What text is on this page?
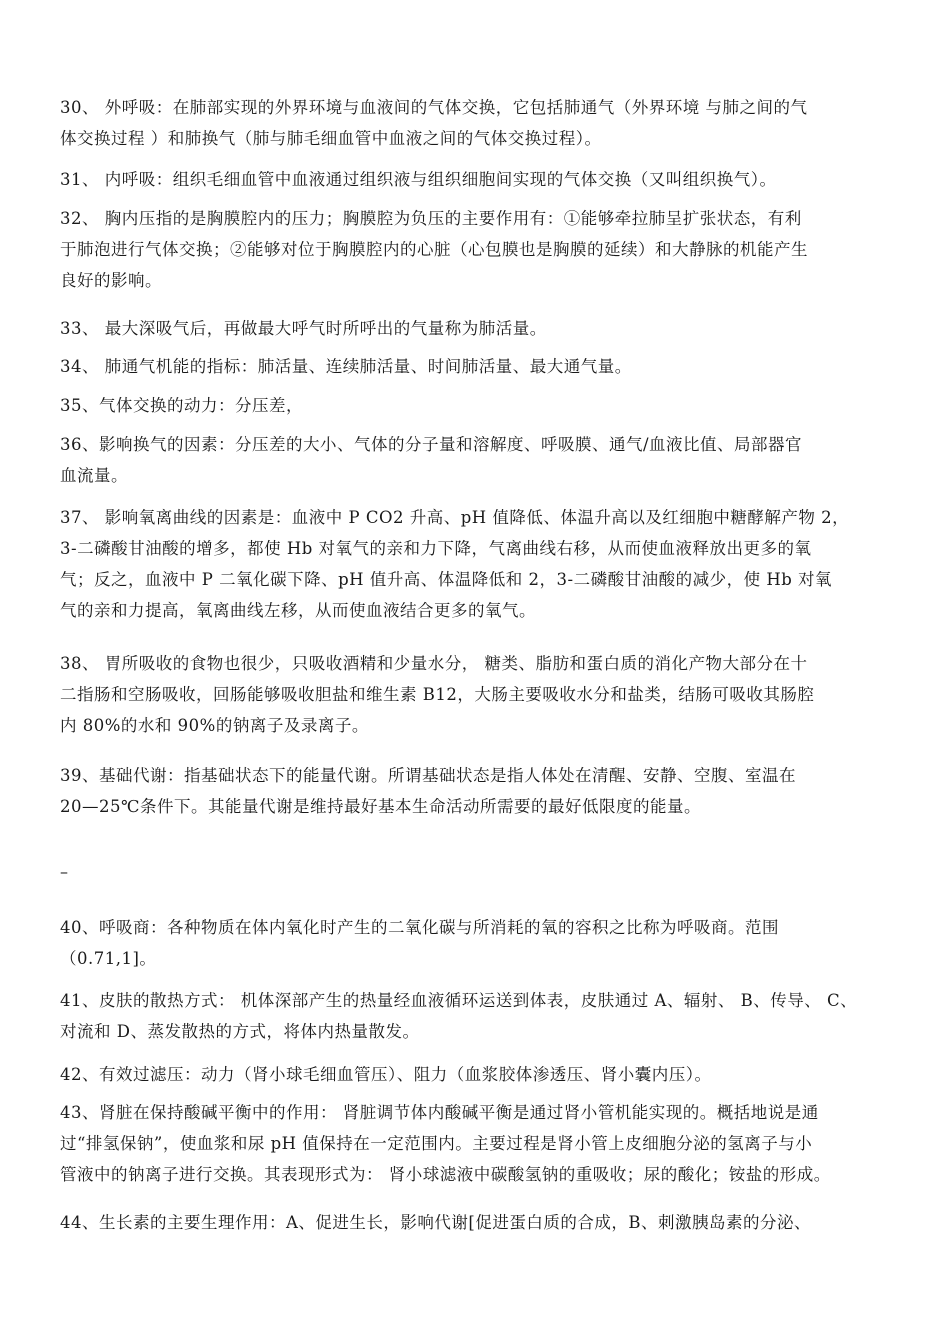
30、 外呼吸：在肺部实现的外界环境与血液间的气体交换，它包括肺通气（外界环境 与肺之间的气
体交换过程 ）和肺换气（肺与肺毛细血管中血液之间的气体交换过程）。
31、 内呼吸：组织毛细血管中血液通过组织液与组织细胞间实现的气体交换（又叫组织换气）。
32、 胸内压指的是胸膜腔内的压力；胸膜腔为负压的主要作用有：①能够牵拉肺呈扩张状态，有利
于肺泡进行气体交换；②能够对位于胸膜腔内的心脏（心包膜也是胸膜的延续）和大静脉的机能产生
良好的影响。
33、 最大深吸气后，再做最大呼气时所呼出的气量称为肺活量。
34、 肺通气机能的指标：肺活量、连续肺活量、时间肺活量、最大通气量。
35、气体交换的动力：分压差，
36、影响换气的因素：分压差的大小、气体的分子量和溶解度、呼吸膜、通气/血液比值、局部器官
血流量。
37、 影响氧离曲线的因素是：血液中 P CO2 升高、pH 值降低、体温升高以及红细胞中糖酵解产物 2，
3-二磷酸甘油酸的增多，都使 Hb 对氧气的亲和力下降，气离曲线右移，从而使血液释放出更多的氧
气；反之，血液中 P 二氧化碳下降、pH 值升高、体温降低和 2，3-二磷酸甘油酸的减少，使 Hb 对氧
气的亲和力提高，氧离曲线左移，从而使血液结合更多的氧气。
38、 胃所吸收的食物也很少，只吸收酒精和少量水分， 糖类、脂肪和蛋白质的消化产物大部分在十
二指肠和空肠吸收，回肠能够吸收胆盐和维生素 B12，大肠主要吸收水分和盐类，结肠可吸收其肠腔
内 80%的水和 90%的钠离子及录离子。
39、基础代谢：指基础状态下的能量代谢。所谓基础状态是指人体处在清醒、安静、空腹、室温在
20—25℃条件下。其能量代谢是维持最好基本生命活动所需要的最好低限度的能量。
–
40、呼吸商：各种物质在体内氧化时产生的二氧化碳与所消耗的氧的容积之比称为呼吸商。范围
（0.71,1]。
41、皮肤的散热方式： 机体深部产生的热量经血液循环运送到体表，皮肤通过 A、辐射、 B、传导、 C、
对流和 D、蒸发散热的方式，将体内热量散发。
42、有效过滤压：动力（肾小球毛细血管压）、阻力（血浆胶体渗透压、肾小囊内压）。
43、肾脏在保持酸碱平衡中的作用： 肾脏调节体内酸碱平衡是通过肾小管机能实现的。概括地说是通
过“排氢保钠”，使血浆和尿 pH 值保持在一定范围内。主要过程是肾小管上皮细胞分泌的氢离子与小
管液中的钠离子进行交换。其表现形式为： 肾小球滤液中碳酸氢钠的重吸收；尿的酸化；铵盐的形成。
44、生长素的主要生理作用：A、促进生长，影响代谢[促进蛋白质的合成，B、刺激胰岛素的分泌、
